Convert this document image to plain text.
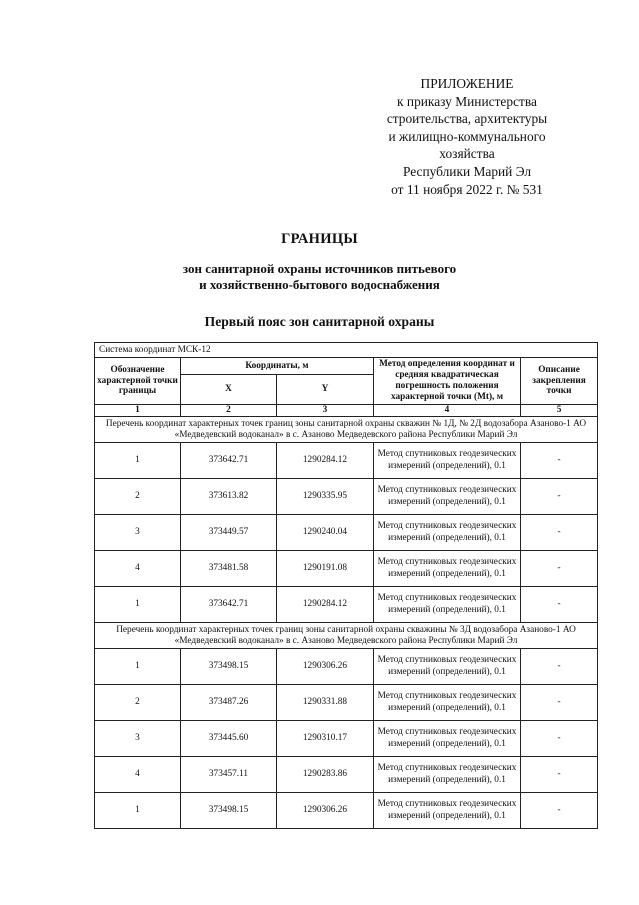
ПРИЛОЖЕНИЕ
к приказу Министерства
строительства, архитектуры
и жилищно-коммунального
хозяйства
Республики Марий Эл
от 11 ноября 2022 г. № 531
ГРАНИЦЫ
зон санитарной охраны источников питьевого
и хозяйственно-бытового водоснабжения
Первый пояс зон санитарной охраны
Система координат МСК-12				
Обозначение характерной точки границы	Координаты, м		Метод определения координат и средняя квадратическая погрешность положения характерной точки (Mt), м	Описание закрепления точки
	X	Y		
1	2	3	4	5
Перечень координат характерных точек границ зоны санитарной охраны скважин № 1Д, № 2Д водозабора Азаново-1 АО «Медведевский водоканал» в с. Азаново Медведевского района Республики Марий Эл				
1	373642.71	1290284.12	Метод спутниковых геодезических измерений (определений), 0.1	-
2	373613.82	1290335.95	Метод спутниковых геодезических измерений (определений), 0.1	-
3	373449.57	1290240.04	Метод спутниковых геодезических измерений (определений), 0.1	-
4	373481.58	1290191.08	Метод спутниковых геодезических измерений (определений), 0.1	-
1	373642.71	1290284.12	Метод спутниковых геодезических измерений (определений), 0.1	-
Перечень координат характерных точек границ зоны санитарной охраны скважины № 3Д водозабора Азаново-1 АО «Медведевский водоканал» в с. Азаново Медведевского района Республики Марий Эл				
1	373498.15	1290306.26	Метод спутниковых геодезических измерений (определений), 0.1	-
2	373487.26	1290331.88	Метод спутниковых геодезических измерений (определений), 0.1	-
3	373445.60	1290310.17	Метод спутниковых геодезических измерений (определений), 0.1	-
4	373457.11	1290283.86	Метод спутниковых геодезических измерений (определений), 0.1	-
1	373498.15	1290306.26	Метод спутниковых геодезических измерений (определений), 0.1	-
